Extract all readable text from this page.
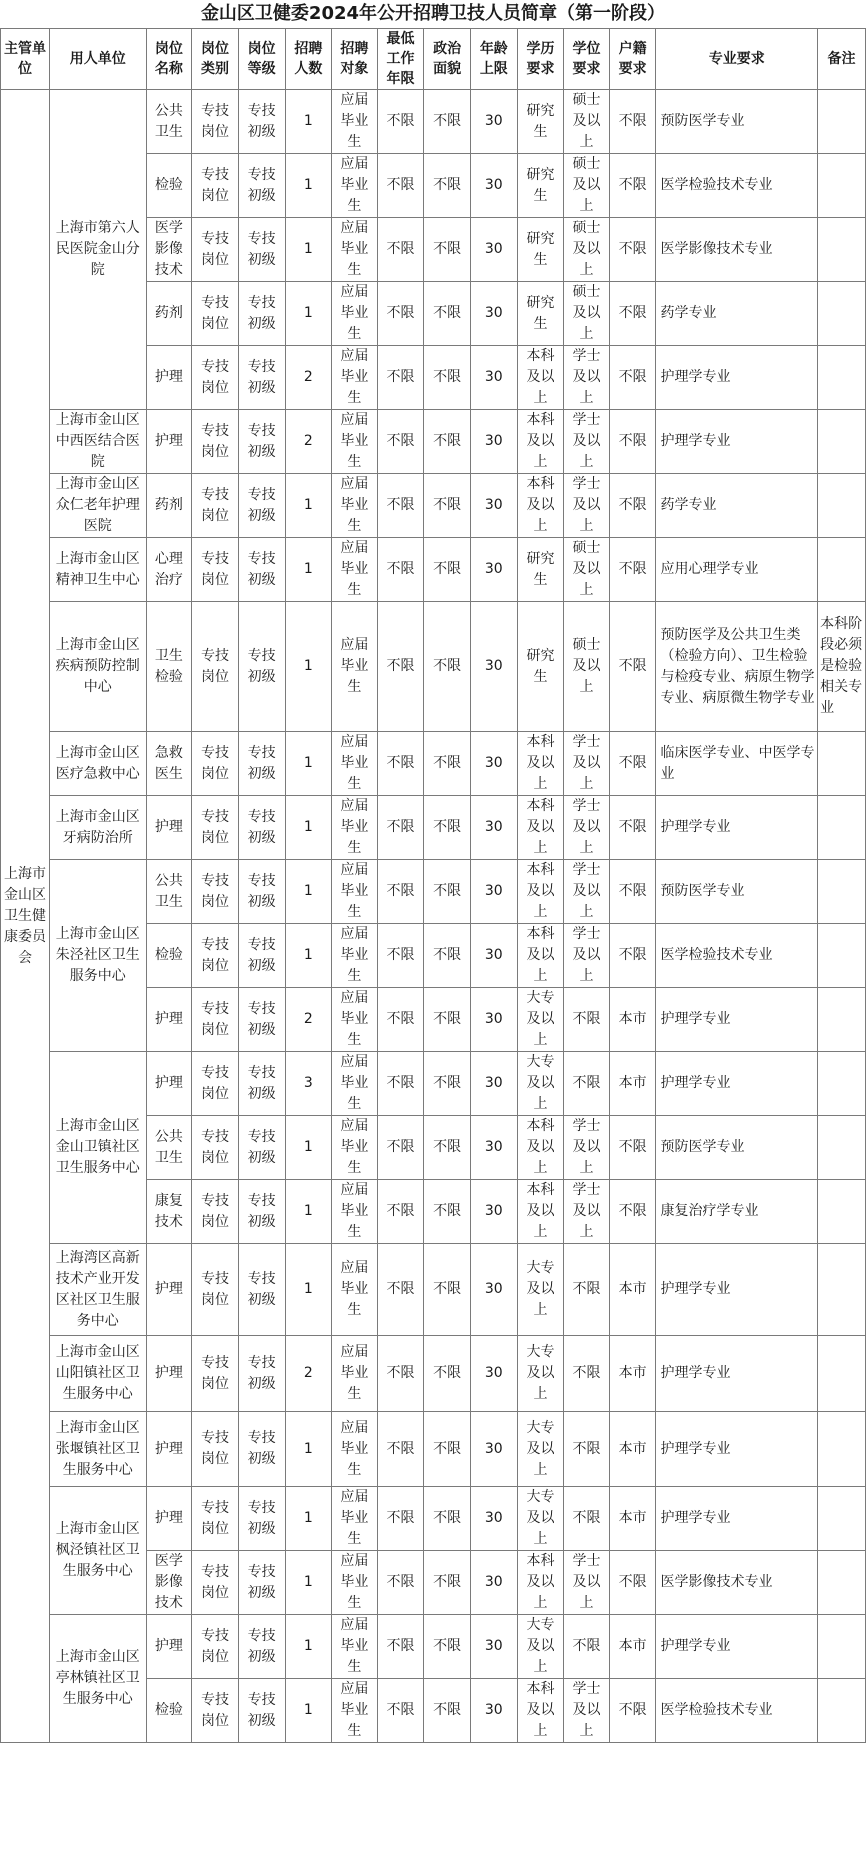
金山区卫健委2024年公开招聘卫技人员简章（第一阶段）
主管单位	用人单位	岗位名称	岗位类别	岗位等级	招聘人数	招聘对象	最低工作年限	政治面貌	年龄上限	学历要求	学位要求	户籍要求	专业要求	备注
上海市金山区卫生健康委员会	上海市第六人民医院金山分院	公共卫生	专技岗位	专技初级	1	应届毕业生	不限	不限	30	研究生	硕士及以上	不限	预防医学专业	
		检验	专技岗位	专技初级	1	应届毕业生	不限	不限	30	研究生	硕士及以上	不限	医学检验技术专业	
		医学影像技术	专技岗位	专技初级	1	应届毕业生	不限	不限	30	研究生	硕士及以上	不限	医学影像技术专业	
		药剂	专技岗位	专技初级	1	应届毕业生	不限	不限	30	研究生	硕士及以上	不限	药学专业	
		护理	专技岗位	专技初级	2	应届毕业生	不限	不限	30	本科及以上	学士及以上	不限	护理学专业	
	上海市金山区中西医结合医院	护理	专技岗位	专技初级	2	应届毕业生	不限	不限	30	本科及以上	学士及以上	不限	护理学专业	
	上海市金山区众仁老年护理医院	药剂	专技岗位	专技初级	1	应届毕业生	不限	不限	30	本科及以上	学士及以上	不限	药学专业	
	上海市金山区精神卫生中心	心理治疗	专技岗位	专技初级	1	应届毕业生	不限	不限	30	研究生	硕士及以上	不限	应用心理学专业	
	上海市金山区疾病预防控制中心	卫生检验	专技岗位	专技初级	1	应届毕业生	不限	不限	30	研究生	硕士及以上	不限	预防医学及公共卫生类（检验方向）、卫生检验与检疫专业、病原生物学专业、病原微生物学专业	本科阶段必须是检验相关专业
	上海市金山区医疗急救中心	急救医生	专技岗位	专技初级	1	应届毕业生	不限	不限	30	本科及以上	学士及以上	不限	临床医学专业、中医学专业	
	上海市金山区牙病防治所	护理	专技岗位	专技初级	1	应届毕业生	不限	不限	30	本科及以上	学士及以上	不限	护理学专业	
	上海市金山区朱泾社区卫生服务中心	公共卫生	专技岗位	专技初级	1	应届毕业生	不限	不限	30	本科及以上	学士及以上	不限	预防医学专业	
		检验	专技岗位	专技初级	1	应届毕业生	不限	不限	30	本科及以上	学士及以上	不限	医学检验技术专业	
		护理	专技岗位	专技初级	2	应届毕业生	不限	不限	30	大专及以上	不限	本市	护理学专业	
	上海市金山区金山卫镇社区卫生服务中心	护理	专技岗位	专技初级	3	应届毕业生	不限	不限	30	大专及以上	不限	本市	护理学专业	
		公共卫生	专技岗位	专技初级	1	应届毕业生	不限	不限	30	本科及以上	学士及以上	不限	预防医学专业	
		康复技术	专技岗位	专技初级	1	应届毕业生	不限	不限	30	本科及以上	学士及以上	不限	康复治疗学专业	
	上海湾区高新技术产业开发区社区卫生服务中心	护理	专技岗位	专技初级	1	应届毕业生	不限	不限	30	大专及以上	不限	本市	护理学专业	
	上海市金山区山阳镇社区卫生服务中心	护理	专技岗位	专技初级	2	应届毕业生	不限	不限	30	大专及以上	不限	本市	护理学专业	
	上海市金山区张堰镇社区卫生服务中心	护理	专技岗位	专技初级	1	应届毕业生	不限	不限	30	大专及以上	不限	本市	护理学专业	
	上海市金山区枫泾镇社区卫生服务中心	护理	专技岗位	专技初级	1	应届毕业生	不限	不限	30	大专及以上	不限	本市	护理学专业	
		医学影像技术	专技岗位	专技初级	1	应届毕业生	不限	不限	30	本科及以上	学士及以上	不限	医学影像技术专业	
	上海市金山区亭林镇社区卫生服务中心	护理	专技岗位	专技初级	1	应届毕业生	不限	不限	30	大专及以上	不限	本市	护理学专业	
		检验	专技岗位	专技初级	1	应届毕业生	不限	不限	30	本科及以上	学士及以上	不限	医学检验技术专业	
